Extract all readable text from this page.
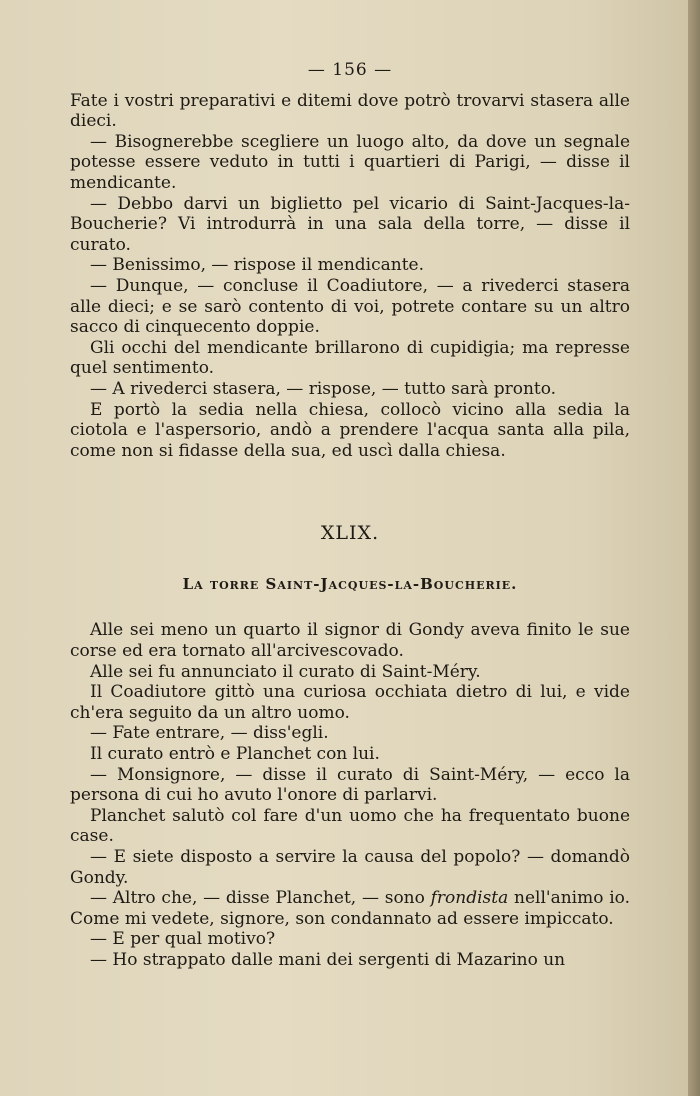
— 156 —

Fate i vostri preparativi e ditemi dove potrò trovarvi stasera alle dieci.

— Bisognerebbe scegliere un luogo alto, da dove un segnale potesse essere veduto in tutti i quartieri di Parigi, — disse il mendicante.

— Debbo darvi un biglietto pel vicario di Saint-Jacques-la-Boucherie? Vi introdurrà in una sala della torre, — disse il curato.

— Benissimo, — rispose il mendicante.

— Dunque, — concluse il Coadiutore, — a rivederci stasera alle dieci; e se sarò contento di voi, potrete contare su un altro sacco di cinquecento doppie.

Gli occhi del mendicante brillarono di cupidigia; ma represse quel sentimento.

— A rivederci stasera, — rispose, — tutto sarà pronto.

E portò la sedia nella chiesa, collocò vicino alla sedia la ciotola e l'aspersorio, andò a prendere l'acqua santa alla pila, come non si fidasse della sua, ed uscì dalla chiesa.

XLIX.
La torre Saint-Jacques-la-Boucherie.

Alle sei meno un quarto il signor di Gondy aveva finito le sue corse ed era tornato all'arcivescovado.

Alle sei fu annunciato il curato di Saint-Méry.

Il Coadiutore gittò una curiosa occhiata dietro di lui, e vide ch'era seguito da un altro uomo.

— Fate entrare, — diss'egli.

Il curato entrò e Planchet con lui.

— Monsignore, — disse il curato di Saint-Méry, — ecco la persona di cui ho avuto l'onore di parlarvi.

Planchet salutò col fare d'un uomo che ha frequentato buone case.

— E siete disposto a servire la causa del popolo? — domandò Gondy.

— Altro che, — disse Planchet, — sono frondista nell'animo io. Come mi vedete, signore, son condannato ad essere impiccato.

— E per qual motivo?

— Ho strappato dalle mani dei sergenti di Mazarino un
